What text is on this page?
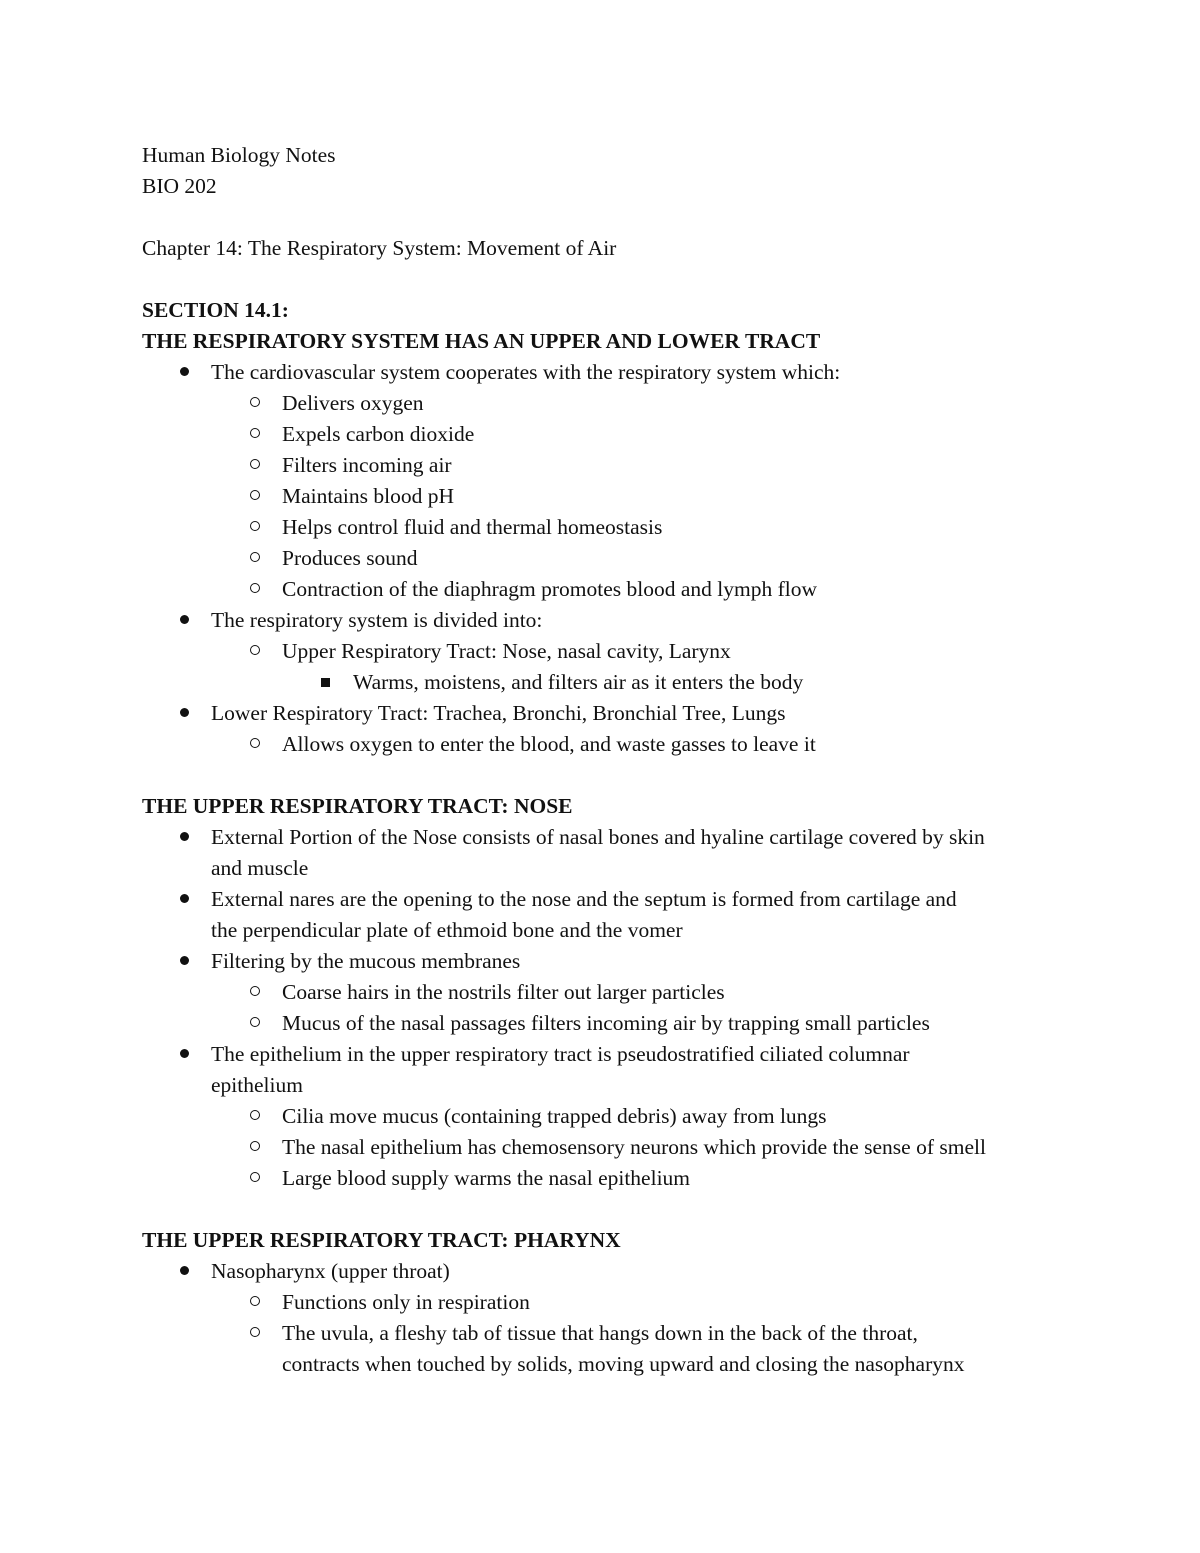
Human Biology Notes
BIO 202
Chapter 14: The Respiratory System: Movement of Air
SECTION 14.1:
THE RESPIRATORY SYSTEM HAS AN UPPER AND LOWER TRACT
The cardiovascular system cooperates with the respiratory system which:
Delivers oxygen
Expels carbon dioxide
Filters incoming air
Maintains blood pH
Helps control fluid and thermal homeostasis
Produces sound
Contraction of the diaphragm promotes blood and lymph flow
The respiratory system is divided into:
Upper Respiratory Tract: Nose, nasal cavity, Larynx
Warms, moistens, and filters air as it enters the body
Lower Respiratory Tract: Trachea, Bronchi, Bronchial Tree, Lungs
Allows oxygen to enter the blood, and waste gasses to leave it
THE UPPER RESPIRATORY TRACT: NOSE
External Portion of the Nose consists of nasal bones and hyaline cartilage covered by skin
and muscle
External nares are the opening to the nose and the septum is formed from cartilage and
the perpendicular plate of ethmoid bone and the vomer
Filtering by the mucous membranes
Coarse hairs in the nostrils filter out larger particles
Mucus of the nasal passages filters incoming air by trapping small particles
The epithelium in the upper respiratory tract is pseudostratified ciliated columnar
epithelium
Cilia move mucus (containing trapped debris) away from lungs
The nasal epithelium has chemosensory neurons which provide the sense of smell
Large blood supply warms the nasal epithelium
THE UPPER RESPIRATORY TRACT: PHARYNX
Nasopharynx (upper throat)
Functions only in respiration
The uvula, a fleshy tab of tissue that hangs down in the back of the throat,
contracts when touched by solids, moving upward and closing the nasopharynx
